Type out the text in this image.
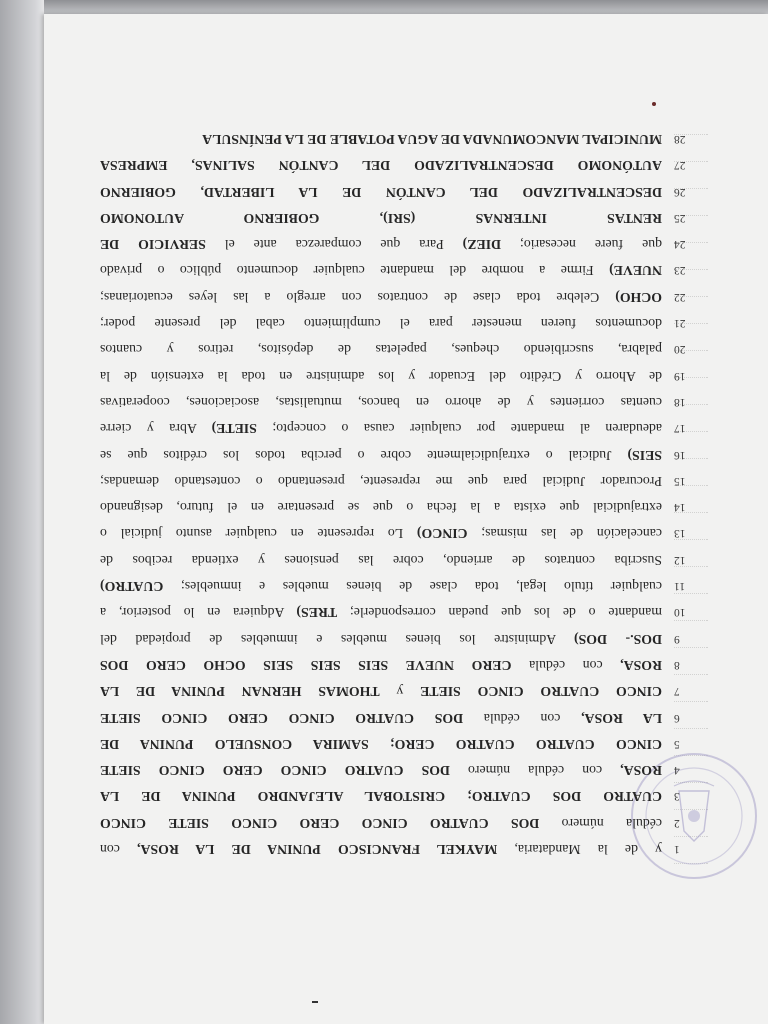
1
y de la Mandataria, MAYKEL FRANCISCO PUNINA DE LA ROSA, con
2
cédula número DOS CUATRO CINCO CERO CINCO SIETE CINCO
3
CUATRO DOS CUATRO; CRISTOBAL ALEJANDRO PUNINA DE LA
4
ROSA, con cédula número DOS CUATRO CINCO CERO CINCO SIETE
5
CINCO CUATRO CUATRO CERO; SAMIRA CONSUELO PUNINA DE
6
LA ROSA, con cédula DOS CUATRO CINCO CERO CINCO SIETE
7
CINCO CUATRO CINCO SIETE y THOMAS HERNAN PUNINA DE LA
8
ROSA, con cédula CERO NUEVE SEIS SEIS SEIS OCHO CERO DOS
9
DOS.- DOS) Administre los bienes muebles e inmuebles de propiedad del
10
mandante o de los que puedan corresponderle; TRES) Adquiera en lo posterior, a
11
cualquier título legal, toda clase de bienes muebles e inmuebles; CUATRO)
12
Suscriba contratos de arriendo, cobre las pensiones y extienda recibos de
13
cancelación de las mismas; CINCO) Lo represente en cualquier asunto judicial o
14
extrajudicial que exista a la fecha o que se presentare en el futuro, designando
15
Procurador Judicial para que me represente, presentando o contestando demandas;
16
SEIS) Judicial o extrajudicialmente cobre o perciba todos los créditos que se
17
adeudaren al mandante por cualquier causa o concepto; SIETE) Abra y cierre
18
cuentas corrientes y de ahorro en bancos, mutualistas, asociaciones, cooperativas
19
de Ahorro y Crédito del Ecuador y los administre en toda la extensión de la
20
palabra, suscribiendo cheques, papeletas de depósitos, retiros y cuantos
21
documentos fueren menester para el cumplimiento cabal del presente poder;
22
OCHO) Celebre toda clase de contratos con arreglo a las leyes ecuatorianas;
23
NUEVE) Firme a nombre del mandante cualquier documento público o privado
24
que fuere necesario; DIEZ) Para que comparezca ante el SERVICIO DE
25
RENTAS INTERNAS (SRI), GOBIERNO AUTONOMO
26
DESCENTRALIZADO DEL CANTÓN DE LA LIBERTAD, GOBIERNO
27
AUTÓNOMO DESCENTRALIZADO DEL CANTÓN SALINAS, EMPRESA
28
MUNICIPAL MANCOMUNADA DE AGUA POTABLE DE LA PENÍNSULA
